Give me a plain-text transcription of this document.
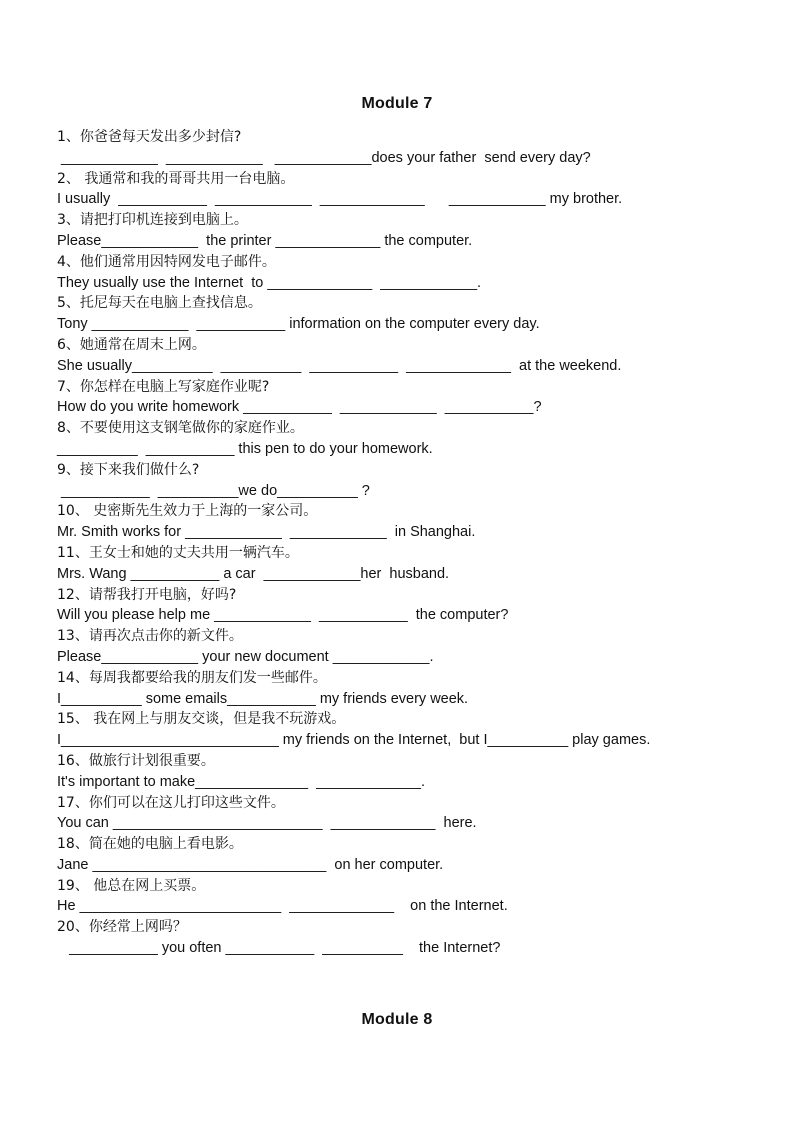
Module 7
1、你爸爸每天发出多少封信?
____________  ____________   ____________does your father  send every day?
2、 我通常和我的哥哥共用一台电脑。
I usually  ___________  ____________  _____________      ____________ my brother.
3、请把打印机连接到电脑上。
Please____________  the printer _____________ the computer.
4、他们通常用因特网发电子邮件。
They usually use the Internet  to _____________  ____________.
5、托尼每天在电脑上查找信息。
Tony ____________  ___________ information on the computer every day.
6、她通常在周末上网。
She usually__________  __________  ___________  _____________  at the weekend.
7、你怎样在电脑上写家庭作业呢?
How do you write homework ___________  ____________  ___________?
8、不要使用这支钢笔做你的家庭作业。
__________  ___________ this pen to do your homework.
9、接下来我们做什么?
___________  __________we do__________ ?
10、 史密斯先生效力于上海的一家公司。
Mr. Smith works for ____________  ____________  in Shanghai.
11、王女士和她的丈夫共用一辆汽车。
Mrs. Wang ___________ a car  ____________her  husband.
12、请帮我打开电脑，好吗?
Will you please help me ____________  ___________  the computer?
13、请再次点击你的新文件。
Please____________ your new document ____________.
14、每周我都要给我的朋友们发一些邮件。
I__________ some emails___________ my friends every week.
15、 我在网上与朋友交谈，但是我不玩游戏。
I___________________________ my friends on the Internet,  but I__________ play games.
16、做旅行计划很重要。
It's important to make______________  _____________.
17、你们可以在这儿打印这些文件。
You can __________________________  _____________  here.
18、简在她的电脑上看电影。
Jane _____________________________  on her computer.
19、 他总在网上买票。
He _________________________  _____________    on the Internet.
20、你经常上网吗？
___________ you often ___________  __________    the Internet?
Module 8
